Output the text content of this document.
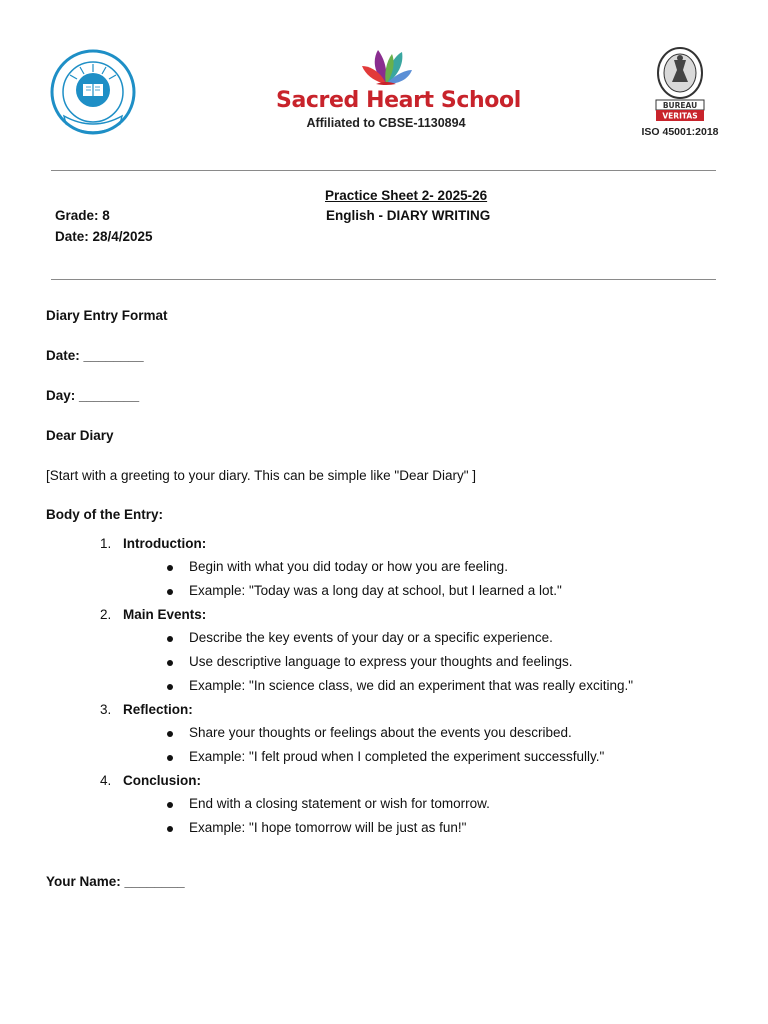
Sacred Heart School
Affiliated to CBSE-1130894
BUREAU
VERITAS
ISO 45001:2018
Practice Sheet 2- 2025-26
Grade: 8	English - DIARY WRITING
Date: 28/4/2025
Diary Entry Format
Date: ________
Day: ________
Dear Diary
[Start with a greeting to your diary. This can be simple like "Dear Diary" ]
Body of the Entry:
1. Introduction:
Begin with what you did today or how you are feeling.
Example: "Today was a long day at school, but I learned a lot."
2. Main Events:
Describe the key events of your day or a specific experience.
Use descriptive language to express your thoughts and feelings.
Example: "In science class, we did an experiment that was really exciting."
3. Reflection:
Share your thoughts or feelings about the events you described.
Example: "I felt proud when I completed the experiment successfully."
4. Conclusion:
End with a closing statement or wish for tomorrow.
Example: "I hope tomorrow will be just as fun!"
Your Name: ________
